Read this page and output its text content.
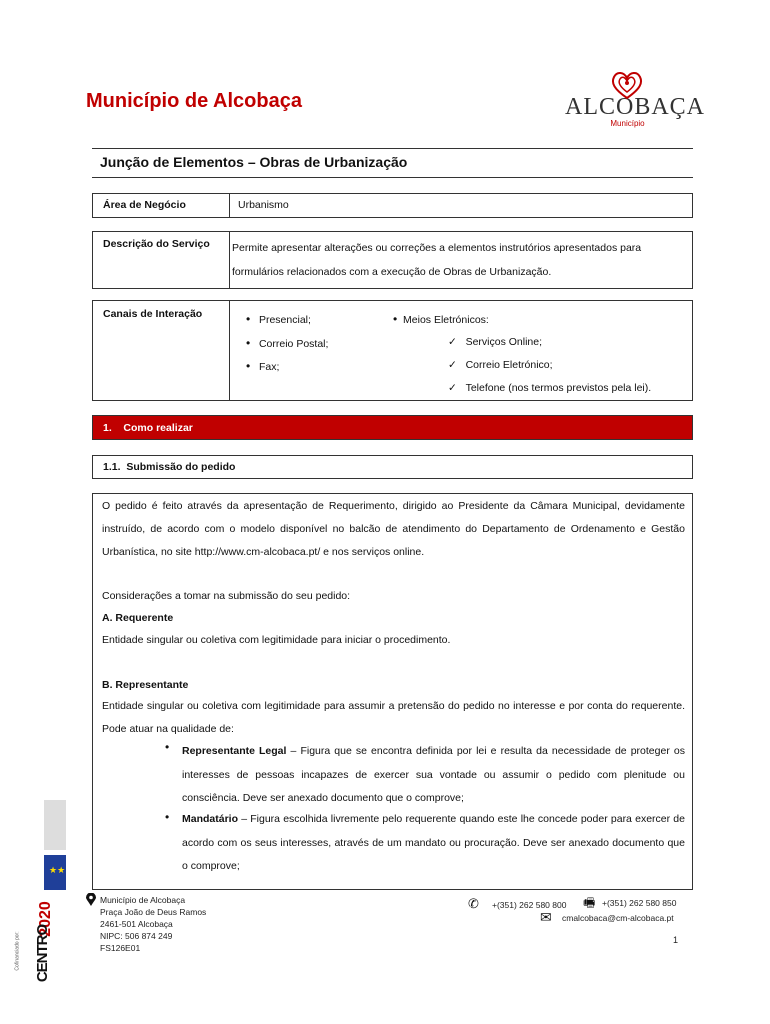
Município de Alcobaça	ALCOBAÇA
Município
Junção de Elementos – Obras de Urbanização
Área de Negócio	Urbanismo
Descrição do Serviço	Permite apresentar alterações ou correções a elementos instrutórios apresentados para formulários relacionados com a execução de Obras de Urbanização.
Canais de Interação		• Presencial;
• Correio Postal;
• Fax;
• Meios Eletrónicos:
✓ Serviços Online;
✓ Correio Eletrónico;
✓ Telefone (nos termos previstos pela lei).
1.    Como realizar
1.1.  Submissão do pedido
O pedido é feito através da apresentação de Requerimento, dirigido ao Presidente da Câmara Municipal, devidamente instruído, de acordo com o modelo disponível no balcão de atendimento do Departamento de Ordenamento e Gestão Urbanística, no site http://www.cm-alcobaca.pt/ e nos serviços online.
Considerações a tomar na submissão do seu pedido:
A. Requerente
Entidade singular ou coletiva com legitimidade para iniciar o procedimento.
B. Representante
Entidade singular ou coletiva com legitimidade para assumir a pretensão do pedido no interesse e por conta do requerente. Pode atuar na qualidade de:
• Representante Legal – Figura que se encontra definida por lei e resulta da necessidade de proteger os interesses de pessoas incapazes de exercer sua vontade ou assumir o pedido com plenitude ou consciência. Deve ser anexado documento que o comprove;
• Mandatário – Figura escolhida livremente pelo requerente quando este lhe concede poder para exercer de acordo com os seus interesses, através de um mandato ou procuração. Deve ser anexado documento que o comprove;
★★
2020
CENTRO
Cofinanciado por:
Município de Alcobaça
Praça João de Deus Ramos
2461-501 Alcobaça
NIPC: 506 874 249
FS126E01
✆ +(351) 262 580 800 🖷 +(351) 262 580 850
✉ cmalcobaca@cm-alcobaca.pt
1
